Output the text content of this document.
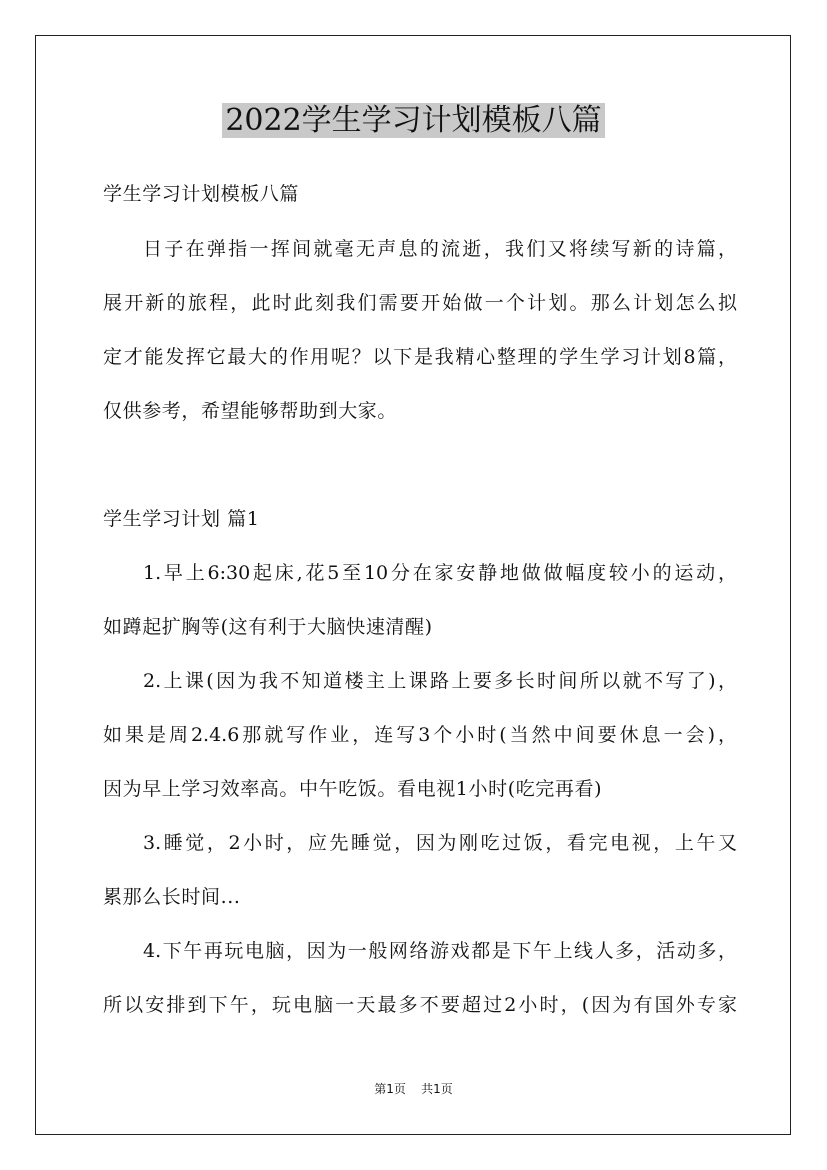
2022学生学习计划模板八篇
学生学习计划模板八篇
日子在弹指一挥间就毫无声息的流逝，我们又将续写新的诗篇，
展开新的旅程，此时此刻我们需要开始做一个计划。那么计划怎么拟
定才能发挥它最大的作用呢？以下是我精心整理的学生学习计划8篇，
仅供参考，希望能够帮助到大家。
学生学习计划 篇1
1.早上6:30起床,花5至10分在家安静地做做幅度较小的运动，
如蹲起扩胸等(这有利于大脑快速清醒)
2.上课(因为我不知道楼主上课路上要多长时间所以就不写了)，
如果是周2.4.6那就写作业，连写3个小时(当然中间要休息一会)，
因为早上学习效率高。中午吃饭。看电视1小时(吃完再看)
3.睡觉，2小时，应先睡觉，因为刚吃过饭，看完电视，上午又
累那么长时间...
4.下午再玩电脑，因为一般网络游戏都是下午上线人多，活动多，
所以安排到下午，玩电脑一天最多不要超过2小时，(因为有国外专家
第1页 共1页
